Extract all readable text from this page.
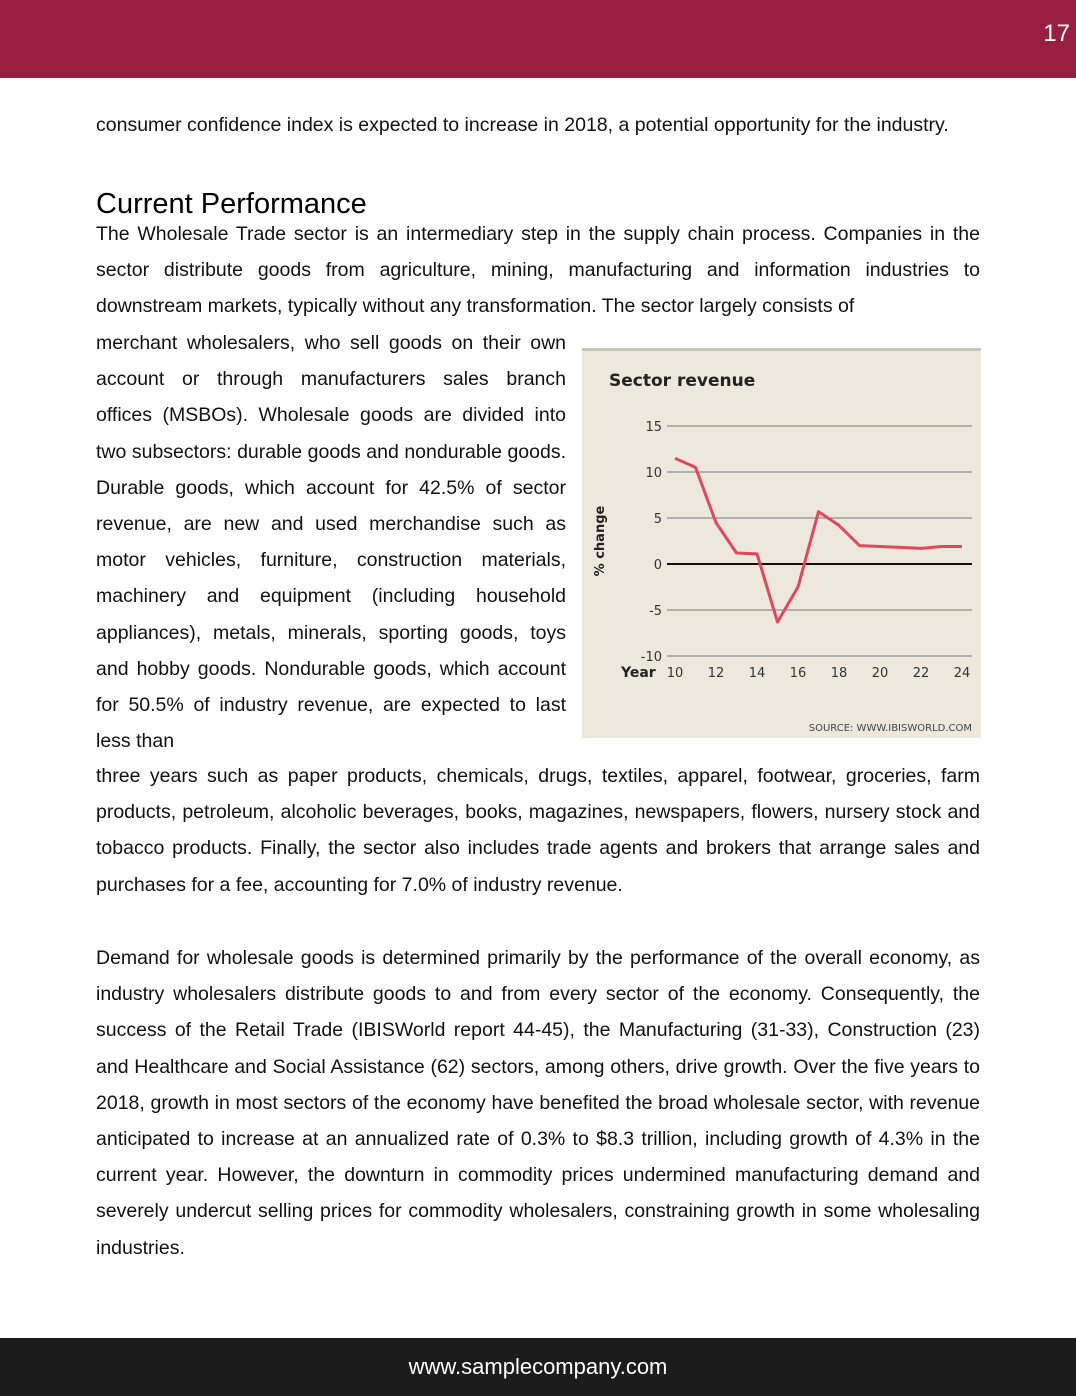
17

consumer confidence index is expected to increase in 2018, a potential opportunity for the industry.

Current Performance

The Wholesale Trade sector is an intermediary step in the supply chain process. Companies in the sector distribute goods from agriculture, mining, manufacturing and information industries to downstream markets, typically without any transformation. The sector largely consists of

merchant wholesalers, who sell goods on their own account or through manufacturers sales branch offices (MSBOs). Wholesale goods are divided into two subsectors: durable goods and nondurable goods. Durable goods, which account for 42.5% of sector revenue, are new and used merchandise such as motor vehicles, furniture, construction materials, machinery and equipment (including household appliances), metals, minerals, sporting goods, toys and hobby goods. Nondurable goods, which account for 50.5% of industry revenue, are expected to last less than

Sector revenue
% change
Year
SOURCE: WWW.IBISWORLD.COM
15
10
5
0
-5
-10
10 12 14 16 18 20 22 24

three years such as paper products, chemicals, drugs, textiles, apparel, footwear, groceries, farm products, petroleum, alcoholic beverages, books, magazines, newspapers, flowers, nursery stock and tobacco products. Finally, the sector also includes trade agents and brokers that arrange sales and purchases for a fee, accounting for 7.0% of industry revenue.

Demand for wholesale goods is determined primarily by the performance of the overall economy, as industry wholesalers distribute goods to and from every sector of the economy. Consequently, the success of the Retail Trade (IBISWorld report 44-45), the Manufacturing (31-33), Construction (23) and Healthcare and Social Assistance (62) sectors, among others, drive growth. Over the five years to 2018, growth in most sectors of the economy have benefited the broad wholesale sector, with revenue anticipated to increase at an annualized rate of 0.3% to $8.3 trillion, including growth of 4.3% in the current year. However, the downturn in commodity prices undermined manufacturing demand and severely undercut selling prices for commodity wholesalers, constraining growth in some wholesaling industries.

www.samplecompany.com
